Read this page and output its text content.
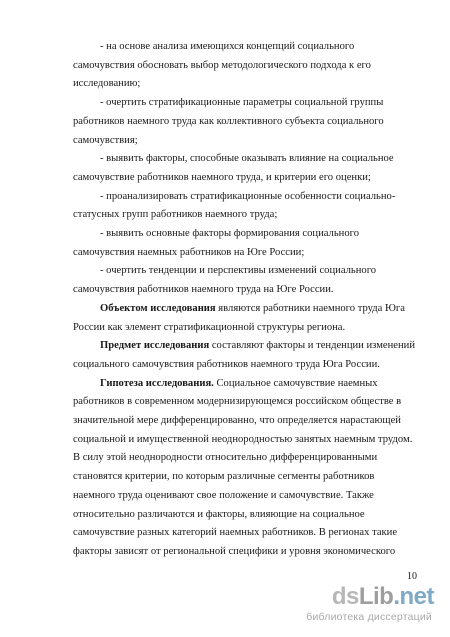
- на основе анализа имеющихся концепций социального

самочувствия обосновать выбор методологического подхода к его

исследованию;

- очертить стратификационные параметры социальной группы

работников наемного труда как коллективного субъекта социального

самочувствия;

- выявить факторы, способные оказывать влияние на социальное

самочувствие работников наемного труда, и критерии его оценки;

- проанализировать стратификационные особенности социально-

статусных групп работников наемного труда;

- выявить основные факторы формирования социального

самочувствия наемных работников на Юге России;

- очертить тенденции и перспективы изменений социального

самочувствия работников наемного труда на Юге России.

Объектом исследования являются работники наемного труда Юга

России как элемент стратификационной структуры региона.

Предмет исследования составляют факторы и тенденции изменений

социального самочувствия работников наемного труда Юга России.

Гипотеза исследования. Социальное самочувствие наемных

работников в современном модернизирующемся российском обществе в

значительной мере дифференцированно, что определяется нарастающей

социальной и имущественной неоднородностью занятых наемным трудом.

В силу этой неоднородности относительно дифференцированными

становятся критерии, по которым различные сегменты работников

наемного труда оценивают свое положение и самочувствие. Также

относительно различаются и факторы, влияющие на социальное

самочувствие разных категорий наемных работников. В регионах такие

факторы зависят от региональной специфики и уровня экономического

10
dsLib.net
библиотека диссертаций
